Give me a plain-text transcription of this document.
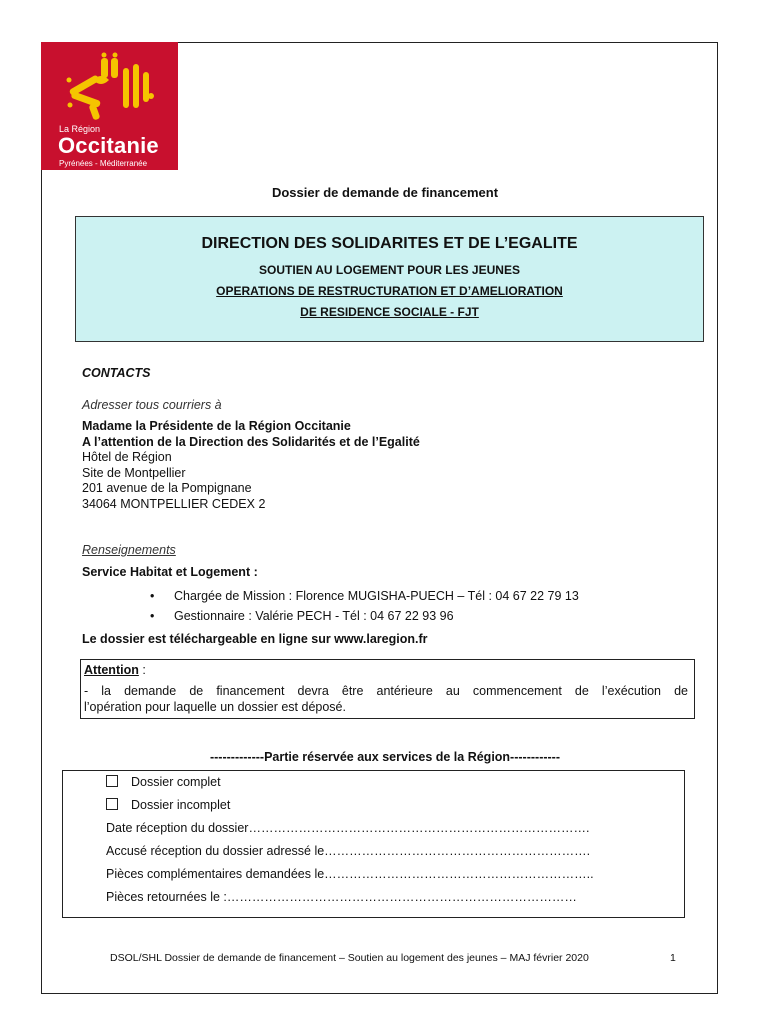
La Région
Occitanie
Pyrénées - Méditerranée
Dossier de demande de financement
DIRECTION DES SOLIDARITES ET DE L’EGALITE
SOUTIEN AU LOGEMENT POUR LES JEUNES
OPERATIONS DE RESTRUCTURATION ET D’AMELIORATION
DE RESIDENCE SOCIALE - FJT
CONTACTS
Adresser tous courriers à
Madame la Présidente de la Région Occitanie
A l’attention de la Direction des Solidarités et de l’Egalité
Hôtel de Région
Site de Montpellier
201 avenue de la Pompignane
34064 MONTPELLIER CEDEX 2
Renseignements
Service Habitat et Logement :
• Chargée de Mission : Florence MUGISHA-PUECH – Tél : 04 67 22 79 13
• Gestionnaire : Valérie PECH - Tél : 04 67 22 93 96
Le dossier est téléchargeable en ligne sur www.laregion.fr
Attention :
- la demande de financement devra être antérieure au commencement de l’exécution de
l’opération pour laquelle un dossier est déposé.
-------------Partie réservée aux services de la Région------------
Dossier complet
Dossier incomplet
Date réception du dossier……………………………………………………………………….
Accusé réception du dossier adressé le……………………………………………………….
Pièces complémentaires demandées le………………………………………………………..
Pièces retournées le :…………………………………………………………………………
DSOL/SHL Dossier de demande de financement – Soutien au logement des jeunes – MAJ février 2020	1
